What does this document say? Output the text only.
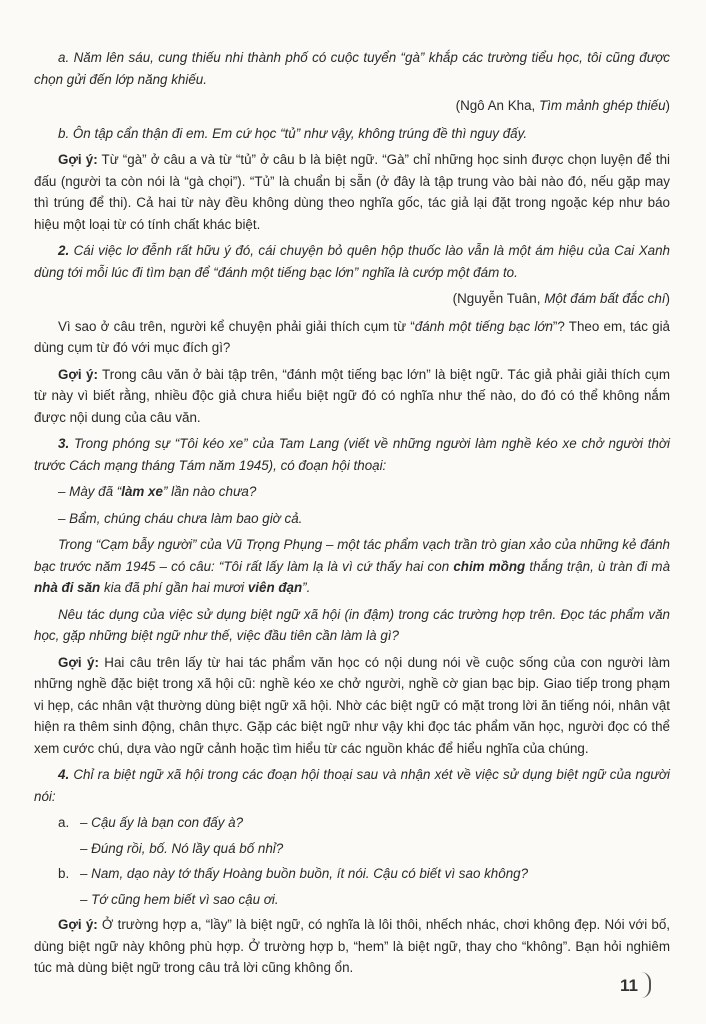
a. Năm lên sáu, cung thiếu nhi thành phố có cuộc tuyển “gà” khắp các trường tiểu học, tôi cũng được chọn gửi đến lớp năng khiếu.

(Ngô An Kha, Tìm mảnh ghép thiếu)

b. Ôn tập cẩn thận đi em. Em cứ học “tủ” như vậy, không trúng đề thì nguy đấy.

Gợi ý: Từ “gà” ở câu a và từ “tủ” ở câu b là biệt ngữ. “Gà” chỉ những học sinh được chọn luyện để thi đấu (người ta còn nói là “gà chọi”). “Tủ” là chuẩn bị sẵn (ở đây là tập trung vào bài nào đó, nếu gặp may thì trúng để thi). Cả hai từ này đều không dùng theo nghĩa gốc, tác giả lại đặt trong ngoặc kép như báo hiệu một loại từ có tính chất khác biệt.

2. Cái việc lơ đễnh rất hữu ý đó, cái chuyện bỏ quên hộp thuốc lào vẫn là một ám hiệu của Cai Xanh dùng tới mỗi lúc đi tìm bạn để “đánh một tiếng bạc lớn” nghĩa là cướp một đám to.

(Nguyễn Tuân, Một đám bất đắc chí)

Vì sao ở câu trên, người kể chuyện phải giải thích cụm từ “đánh một tiếng bạc lớn”? Theo em, tác giả dùng cụm từ đó với mục đích gì?

Gợi ý: Trong câu văn ở bài tập trên, “đánh một tiếng bạc lớn” là biệt ngữ. Tác giả phải giải thích cụm từ này vì biết rằng, nhiều độc giả chưa hiểu biệt ngữ đó có nghĩa như thế nào, do đó có thể không nắm được nội dung của câu văn.

3. Trong phóng sự “Tôi kéo xe” của Tam Lang (viết về những người làm nghề kéo xe chở người thời trước Cách mạng tháng Tám năm 1945), có đoạn hội thoại:

– Mày đã “làm xe” lần nào chưa?

– Bẩm, chúng cháu chưa làm bao giờ cả.

Trong “Cạm bẫy người” của Vũ Trọng Phụng – một tác phẩm vạch trần trò gian xảo của những kẻ đánh bạc trước năm 1945 – có câu: “Tôi rất lấy làm lạ là vì cứ thấy hai con chim mồng thắng trận, ù tràn đi mà nhà đi săn kia đã phí gần hai mươi viên đạn”.

Nêu tác dụng của việc sử dụng biệt ngữ xã hội (in đậm) trong các trường hợp trên. Đọc tác phẩm văn học, gặp những biệt ngữ như thế, việc đầu tiên cần làm là gì?

Gợi ý: Hai câu trên lấy từ hai tác phẩm văn học có nội dung nói về cuộc sống của con người làm những nghề đặc biệt trong xã hội cũ: nghề kéo xe chở người, nghề cờ gian bạc bịp. Giao tiếp trong phạm vi hẹp, các nhân vật thường dùng biệt ngữ xã hội. Nhờ các biệt ngữ có mặt trong lời ăn tiếng nói, nhân vật hiện ra thêm sinh động, chân thực. Gặp các biệt ngữ như vậy khi đọc tác phẩm văn học, người đọc có thể xem cước chú, dựa vào ngữ cảnh hoặc tìm hiểu từ các nguồn khác để hiểu nghĩa của chúng.

4. Chỉ ra biệt ngữ xã hội trong các đoạn hội thoại sau và nhận xét về việc sử dụng biệt ngữ của người nói:

a. – Cậu ấy là bạn con đấy à?

– Đúng rồi, bố. Nó lầy quá bố nhỉ?

b. – Nam, dạo này tớ thấy Hoàng buồn buồn, ít nói. Cậu có biết vì sao không?

– Tớ cũng hem biết vì sao cậu ơi.

Gợi ý: Ở trường hợp a, “lầy” là biệt ngữ, có nghĩa là lôi thôi, nhếch nhác, chơi không đẹp. Nói với bố, dùng biệt ngữ này không phù hợp. Ở trường hợp b, “hem” là biệt ngữ, thay cho “không”. Bạn hỏi nghiêm túc mà dùng biệt ngữ trong câu trả lời cũng không ổn.

11
